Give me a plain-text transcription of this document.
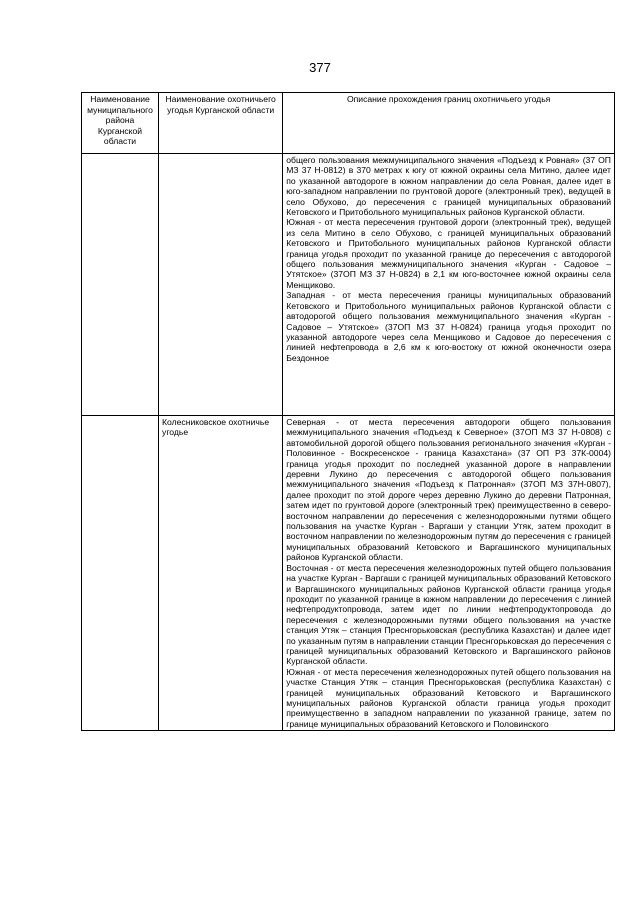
377
Наименование муниципального района Курганской области	Наименование охотничьего угодья Курганской области	Описание прохождения границ охотничьего угодья

		общего пользования межмуниципального значения «Подъезд к Ровная» (37 ОП МЗ 37 Н-0812) в 370 метрах к югу от южной окраины села Митино, далее идет по указанной автодороге в южном направлении до села Ровная, далее идет в юго-западном направлении по грунтовой дороге (электронный трек), ведущей в село Обухово, до пересечения с границей муниципальных образований Кетовского и Притобольного муниципальных районов Курганской области.

Южная - от места пересечения грунтовой дороги (электронный трек), ведущей из села Митино в село Обухово, с границей муниципальных образований Кетовского и Притобольного муниципальных районов Курганской области граница угодья проходит по указанной границе до пересечения с автодорогой общего пользования межмуниципального значения «Курган - Садовое – Утятское» (37ОП МЗ 37 Н-0824) в 2,1 км юго-восточнее южной окраины села Менщиково.

Западная - от места пересечения границы муниципальных образований Кетовского и Притобольного муниципальных районов Курганской области с автодорогой общего пользования межмуниципального значения «Курган - Садовое – Утятское» (37ОП МЗ 37 Н-0824) граница угодья проходит по указанной автодороге через села Менщиково и Садовое до пересечения с линией нефтепровода в 2,6 км к юго-востоку от южной оконечности озера Бездонное

	Колесниковское охотничье угодье	Северная - от места пересечения автодороги общего пользования межмуниципального значения «Подъезд к Северное» (37ОП МЗ 37 Н-0808) с автомобильной дорогой общего пользования регионального значения «Курган - Половинное - Воскресенское - граница Казахстана» (37 ОП РЗ 37К-0004) граница угодья проходит по последней указанной дороге в направлении деревни Лукино до пересечения с автодорогой общего пользования межмуниципального значения «Подъезд к Патронная» (37ОП МЗ 37Н-0807), далее проходит по этой дороге через деревню Лукино до деревни Патронная, затем идет по грунтовой дороге (электронный трек) преимущественно в северо-восточном направлении до пересечения с железнодорожными путями общего пользования на участке Курган - Варгаши у станции Утяк, затем проходит в восточном направлении по железнодорожным путям до пересечения с границей муниципальных образований Кетовского и Варгашинского муниципальных районов Курганской области.

Восточная - от места пересечения железнодорожных путей общего пользования на участке Курган - Варгаши с границей муниципальных образований Кетовского и Варгашинского муниципальных районов Курганской области граница угодья проходит по указанной границе в южном направлении до пересечения с линией нефтепродуктопровода, затем идет по линии нефтепродуктопровода до пересечения с железнодорожными путями общего пользования на участке станция Утяк – станция Преснгорьковская (республика Казахстан) и далее идет по указанным путям в направлении станции Преснгорьковская до пересечения с границей муниципальных образований Кетовского и Варгашинского районов Курганской области.

Южная - от места пересечения железнодорожных путей общего пользования на участке Станция Утяк – станция Преснгорьковская (республика Казахстан) с границей муниципальных образований Кетовского и Варгашинского муниципальных районов Курганской области граница угодья проходит преимущественно в западном направлении по указанной границе, затем по границе муниципальных образований Кетовского и Половинского
